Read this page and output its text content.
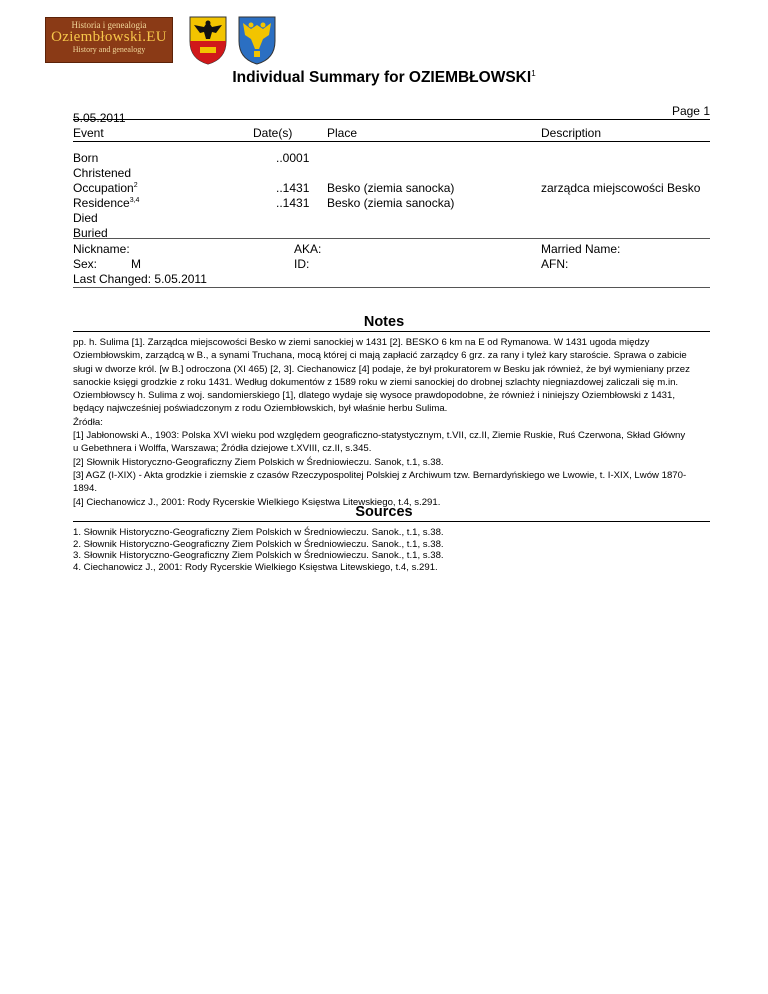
Historia i genealogia
Oziembłowski.EU
History and genealogy
Individual Summary for OZIEMBŁOWSKI$^1$
5.05.2011	Page 1
Event	Date(s)	Place	Description
Born	..0001
Christened
Occupation$^2$	..1431 Besko (ziemia sanocka)	zarządca miejscowości Besko
Residence$^{3,4}$	..1431 Besko (ziemia sanocka)
Died
Buried
Nickname:	AKA:	Married Name:
Sex:	M	ID:	AFN:
Last Changed: 5.05.2011
Notes
pp. h. Sulima [1]. Zarządca miejscowości Besko w ziemi sanockiej w 1431 [2]. BESKO 6 km na E od Rymanowa. W 1431 ugoda między
Oziembłowskim, zarządcą w B., a synami Truchana, mocą której ci mają zapłacić zarządcy 6 grz. za rany i tyleż kary staroście. Sprawa o zabicie
sługi w dworze król. [w B.] odroczona (XI 465) [2, 3]. Ciechanowicz [4] podaje, że był prokuratorem w Besku jak również, że był wymieniany przez
sanockie księgi grodzkie z roku 1431. Według dokumentów z 1589 roku w ziemi sanockiej do drobnej szlachty niegniazdowej zaliczali się m.in.
Oziembłowscy h. Sulima z woj. sandomierskiego [1], dlatego wydaje się wysoce prawdopodobne, że również i niniejszy Oziembłowski z 1431,
będący najwcześniej poświadczonym z rodu Oziembłowskich, był właśnie herbu Sulima.
Źródła:
[1] Jabłonowski A., 1903: Polska XVI wieku pod względem geograficzno-statystycznym, t.VII, cz.II, Ziemie Ruskie, Ruś Czerwona, Skład Główny
u Gebethnera i Wolffa, Warszawa; Źródła dziejowe t.XVIII, cz.II, s.345.
[2] Słownik Historyczno-Geograficzny Ziem Polskich w Średniowieczu. Sanok, t.1, s.38.
[3] AGZ (I-XIX) - Akta grodzkie i ziemskie z czasów Rzeczypospolitej Polskiej z Archiwum tzw. Bernardyńskiego we Lwowie, t. I-XIX, Lwów 1870-
1894.
[4] Ciechanowicz J., 2001: Rody Rycerskie Wielkiego Księstwa Litewskiego, t.4, s.291.
Sources
1. Słownik Historyczno-Geograficzny Ziem Polskich w Średniowieczu. Sanok., t.1, s.38.
2. Słownik Historyczno-Geograficzny Ziem Polskich w Średniowieczu. Sanok., t.1, s.38.
3. Słownik Historyczno-Geograficzny Ziem Polskich w Średniowieczu. Sanok., t.1, s.38.
4. Ciechanowicz J., 2001: Rody Rycerskie Wielkiego Księstwa Litewskiego, t.4, s.291.
